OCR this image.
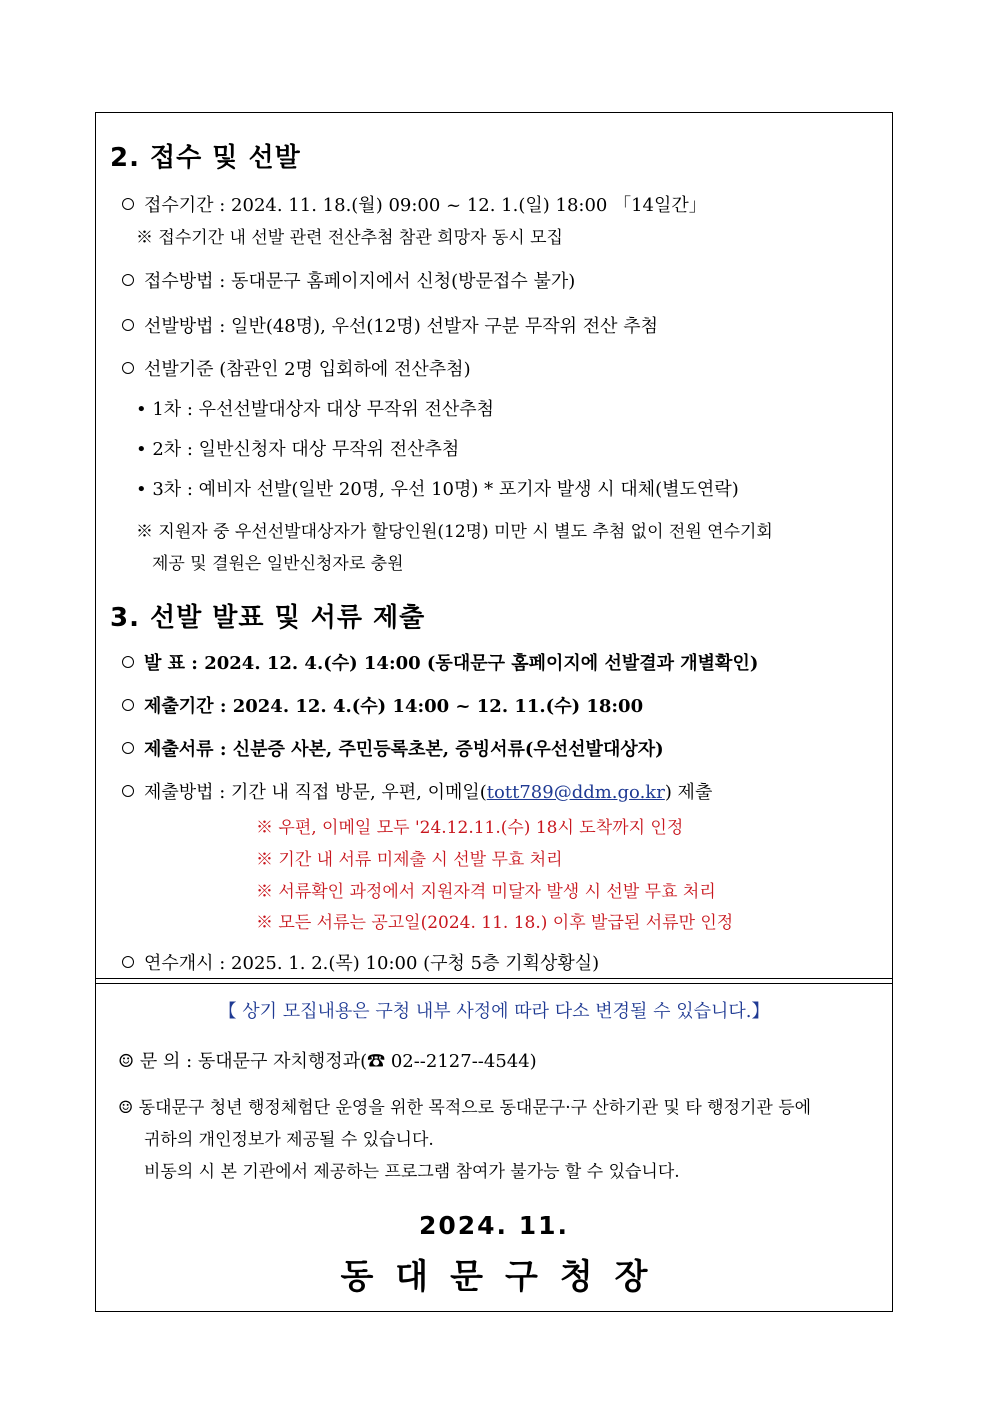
2. 접수 및 선발
접수기간 : 2024. 11. 18.(월) 09:00 ~ 12. 1.(일) 18:00 「14일간」
※ 접수기간 내 선발 관련 전산추첨 참관 희망자 동시 모집
접수방법 : 동대문구 홈페이지에서 신청(방문접수 불가)
선발방법 : 일반(48명), 우선(12명) 선발자 구분 무작위 전산 추첨
선발기준 (참관인 2명 입회하에 전산추첨)
• 1차 : 우선선발대상자 대상 무작위 전산추첨
• 2차 : 일반신청자 대상 무작위 전산추첨
• 3차 : 예비자 선발(일반 20명, 우선 10명) * 포기자 발생 시 대체(별도연락)
※ 지원자 중 우선선발대상자가 할당인원(12명) 미만 시 별도 추첨 없이 전원 연수기회
제공 및 결원은 일반신청자로 충원
3. 선발 발표 및 서류 제출
발 표 : 2024. 12. 4.(수) 14:00 (동대문구 홈페이지에 선발결과 개별확인)
제출기간 : 2024. 12. 4.(수) 14:00 ~ 12. 11.(수) 18:00
제출서류 : 신분증 사본, 주민등록초본, 증빙서류(우선선발대상자)
제출방법 : 기간 내 직접 방문, 우편, 이메일(tott789@ddm.go.kr) 제출
※ 우편, 이메일 모두 '24.12.11.(수) 18시 도착까지 인정
※ 기간 내 서류 미제출 시 선발 무효 처리
※ 서류확인 과정에서 지원자격 미달자 발생 시 선발 무효 처리
※ 모든 서류는 공고일(2024. 11. 18.) 이후 발급된 서류만 인정
연수개시 : 2025. 1. 2.(목) 10:00 (구청 5층 기획상황실)
【 상기 모집내용은 구청 내부 사정에 따라 다소 변경될 수 있습니다.】
☺ 문 의 : 동대문구 자치행정과(☎ 02--2127--4544)
☺ 동대문구 청년 행정체험단 운영을 위한 목적으로 동대문구·구 산하기관 및 타 행정기관 등에
귀하의 개인정보가 제공될 수 있습니다.
비동의 시 본 기관에서 제공하는 프로그램 참여가 불가능 할 수 있습니다.
2024. 11.
동대문구청장
